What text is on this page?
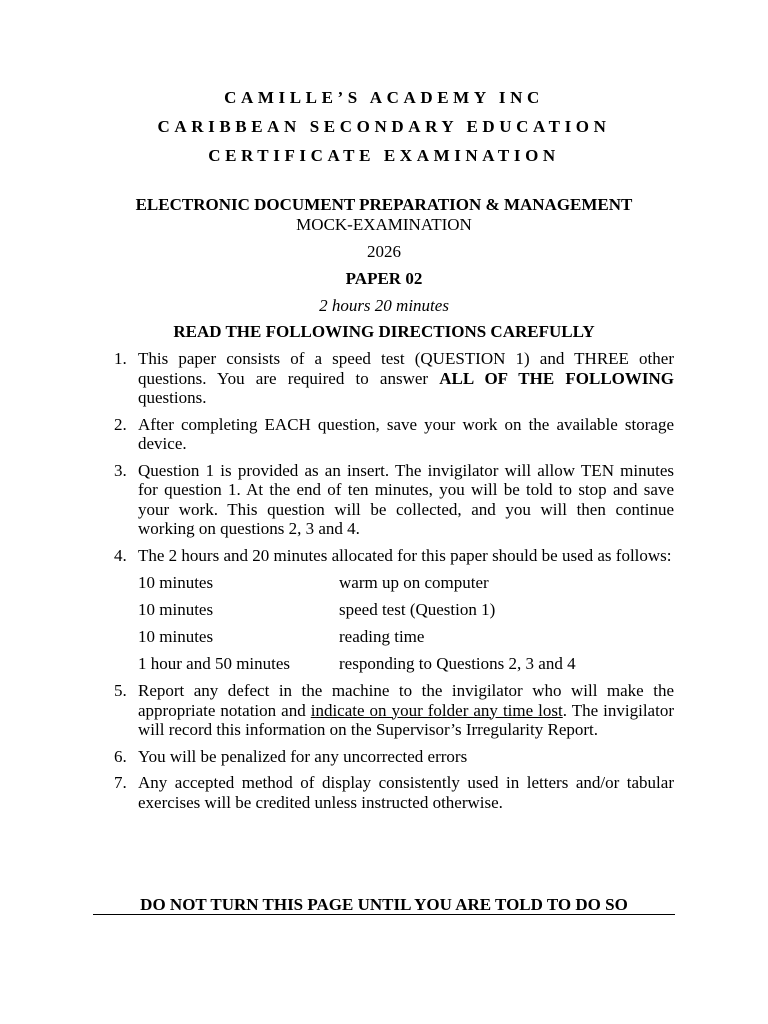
CAMILLE’S ACADEMY INC
CARIBBEAN SECONDARY EDUCATION
CERTIFICATE EXAMINATION
ELECTRONIC DOCUMENT PREPARATION & MANAGEMENT
MOCK-EXAMINATION
2026
PAPER 02
2 hours 20 minutes
READ THE FOLLOWING DIRECTIONS CAREFULLY
1. This paper consists of a speed test (QUESTION 1) and THREE other questions. You are required to answer ALL OF THE FOLLOWING questions.
2. After completing EACH question, save your work on the available storage device.
3. Question 1 is provided as an insert. The invigilator will allow TEN minutes for question 1. At the end of ten minutes, you will be told to stop and save your work. This question will be collected, and you will then continue working on questions 2, 3 and 4.
4. The 2 hours and 20 minutes allocated for this paper should be used as follows:
10 minutes	warm up on computer
10 minutes	speed test (Question 1)
10 minutes	reading time
1 hour and 50 minutes	responding to Questions 2, 3 and 4
5. Report any defect in the machine to the invigilator who will make the appropriate notation and indicate on your folder any time lost. The invigilator will record this information on the Supervisor’s Irregularity Report.
6. You will be penalized for any uncorrected errors
7. Any accepted method of display consistently used in letters and/or tabular exercises will be credited unless instructed otherwise.
DO NOT TURN THIS PAGE UNTIL YOU ARE TOLD TO DO SO
